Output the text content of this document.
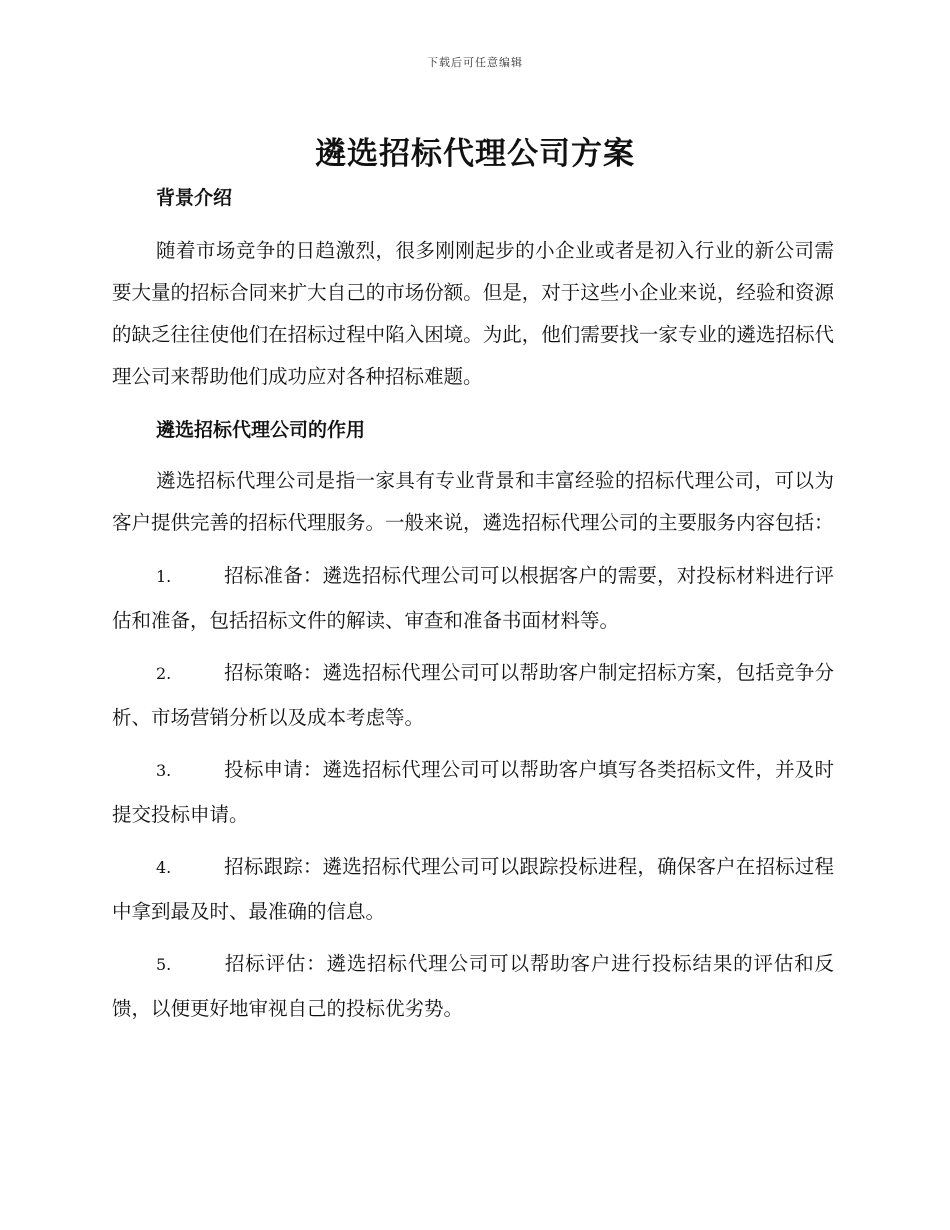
下载后可任意编辑
遴选招标代理公司方案
背景介绍

随着市场竞争的日趋激烈，很多刚刚起步的小企业或者是初入行业的新公司需要大量的招标合同来扩大自己的市场份额。但是，对于这些小企业来说，经验和资源的缺乏往往使他们在招标过程中陷入困境。为此，他们需要找一家专业的遴选招标代理公司来帮助他们成功应对各种招标难题。

遴选招标代理公司的作用

遴选招标代理公司是指一家具有专业背景和丰富经验的招标代理公司，可以为客户提供完善的招标代理服务。一般来说，遴选招标代理公司的主要服务内容包括：

1.	招标准备：遴选招标代理公司可以根据客户的需要，对投标材料进行评估和准备，包括招标文件的解读、审查和准备书面材料等。
2.	招标策略：遴选招标代理公司可以帮助客户制定招标方案，包括竞争分析、市场营销分析以及成本考虑等。
3.	投标申请：遴选招标代理公司可以帮助客户填写各类招标文件，并及时提交投标申请。
4.	招标跟踪：遴选招标代理公司可以跟踪投标进程，确保客户在招标过程中拿到最及时、最准确的信息。
5.	招标评估：遴选招标代理公司可以帮助客户进行投标结果的评估和反馈，以便更好地审视自己的投标优劣势。
